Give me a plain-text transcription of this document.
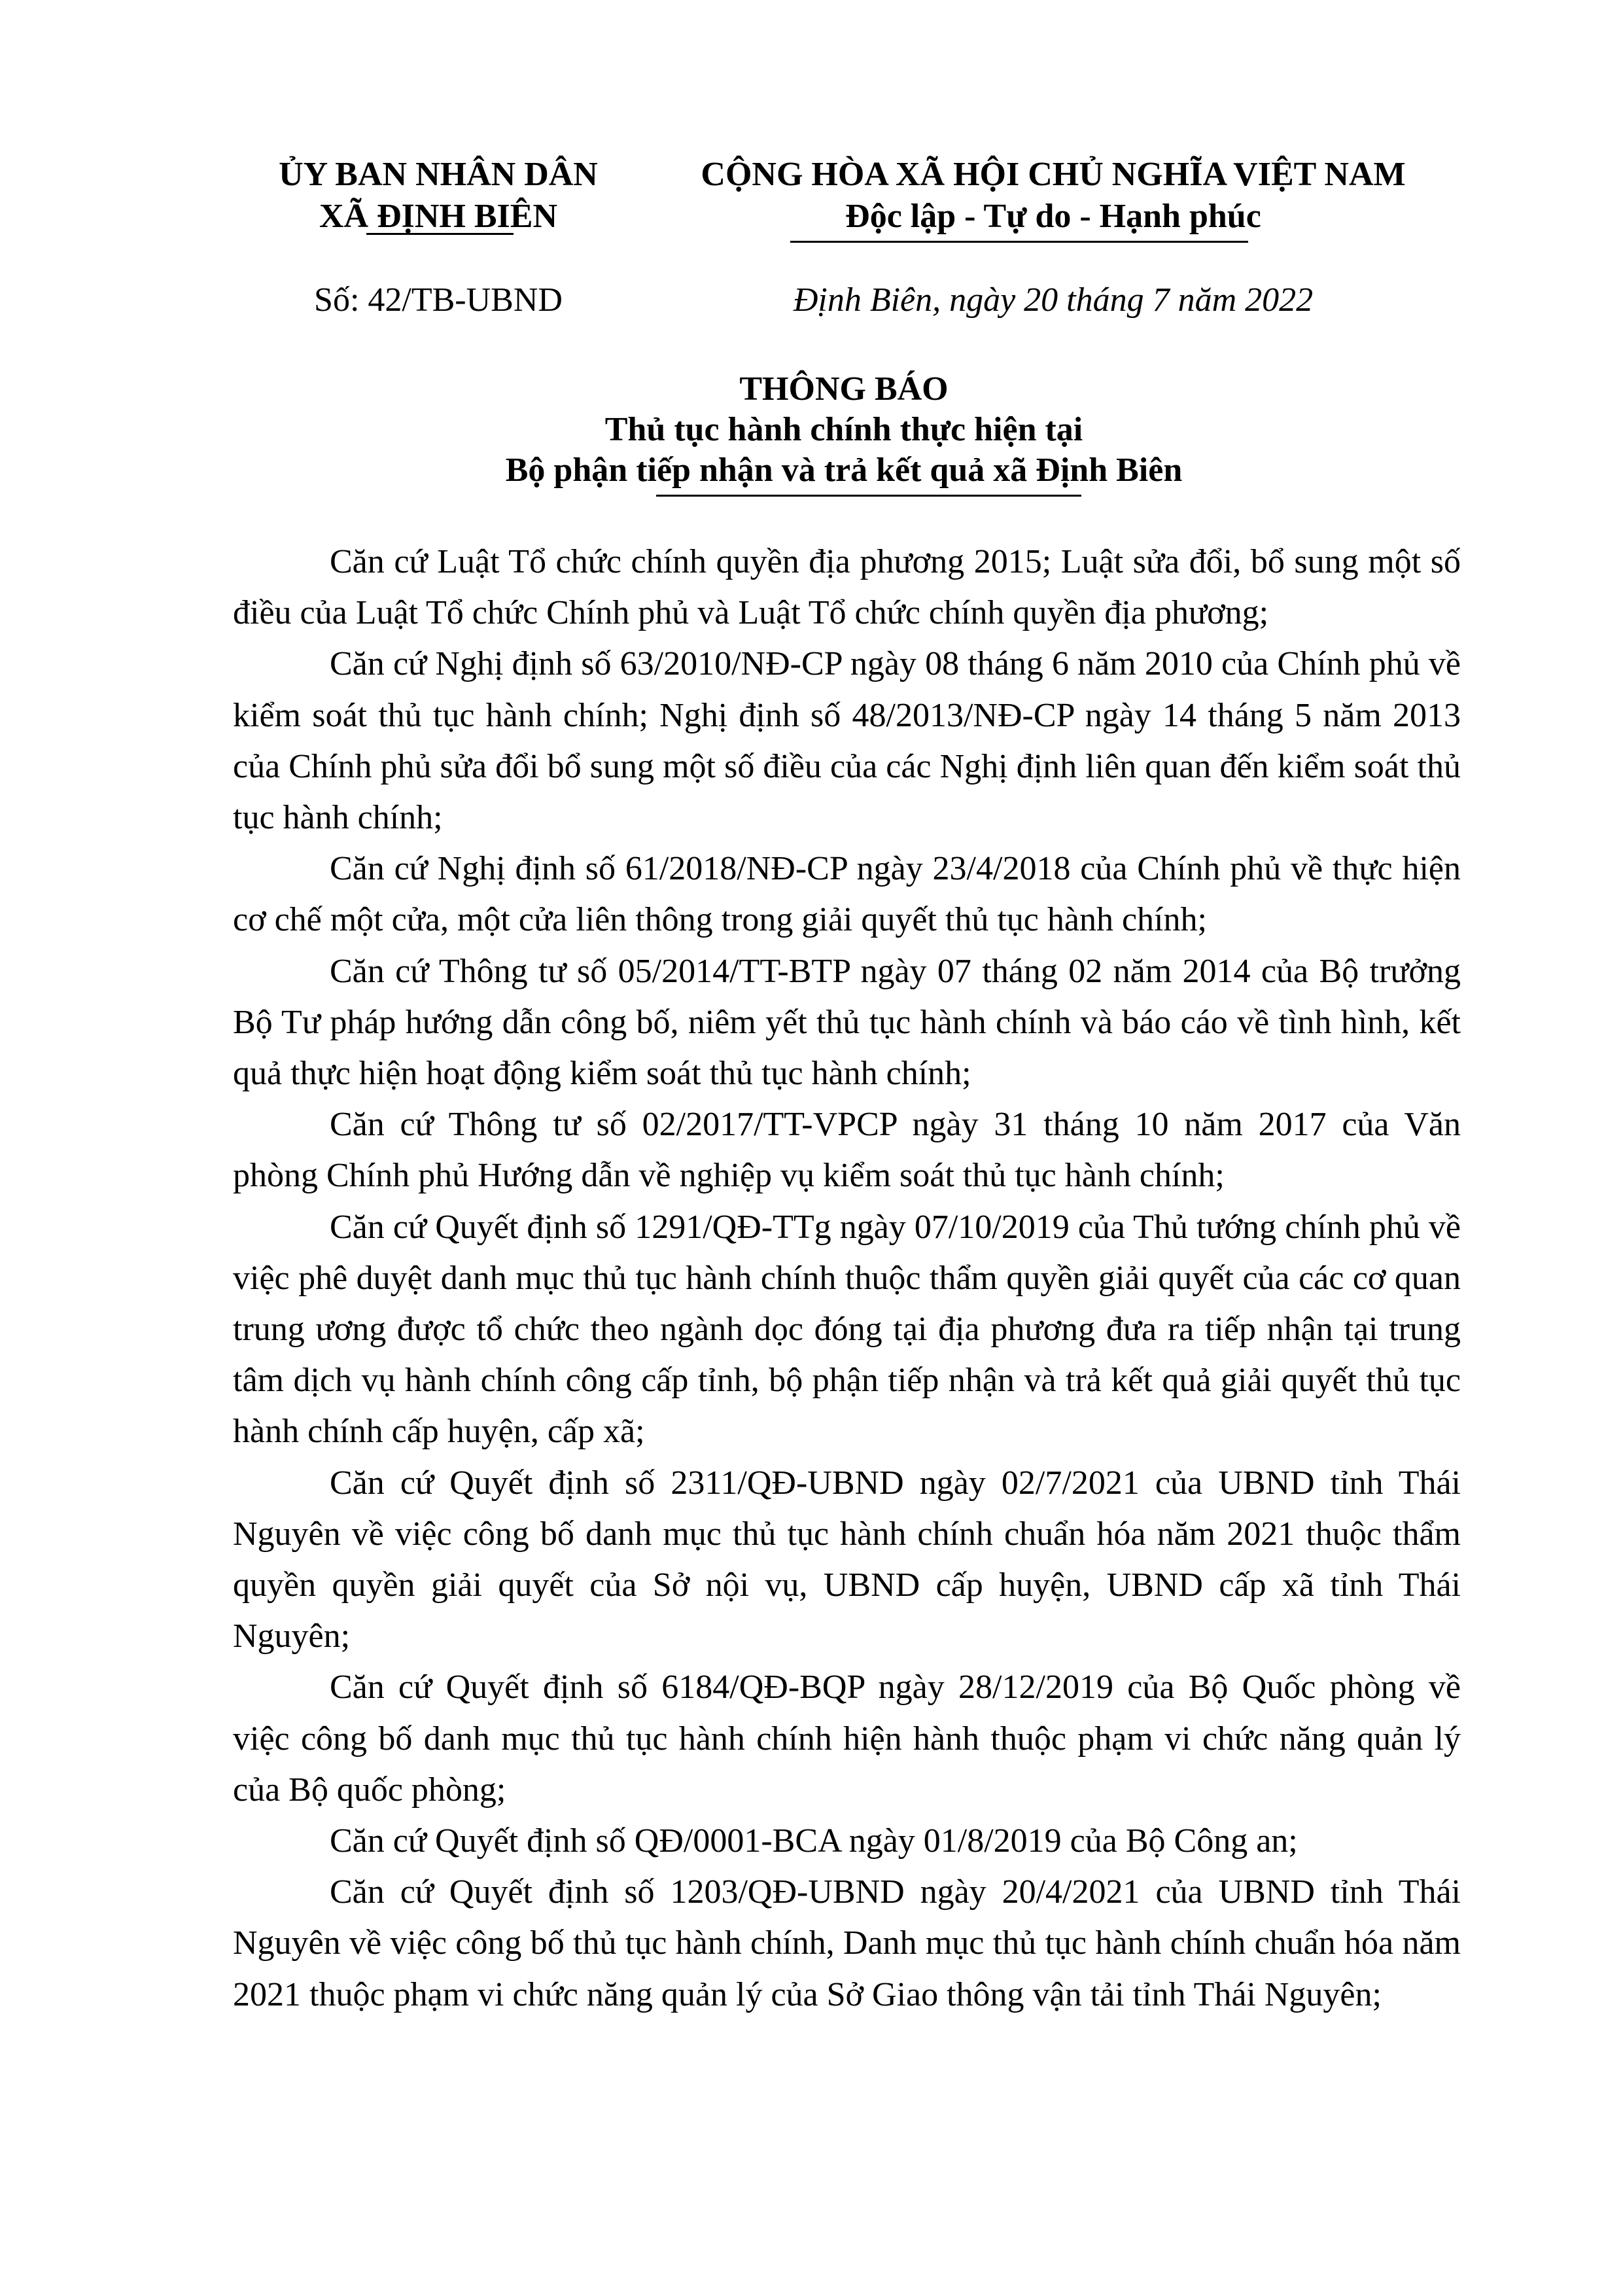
ỦY BAN NHÂN DÂN
XÃ ĐỊNH BIÊN
Số: 42/TB-UBND
CỘNG HÒA XÃ HỘI CHỦ NGHĨA VIỆT NAM
Độc lập - Tự do - Hạnh phúc
Định Biên, ngày 20 tháng 7 năm 2022
THÔNG BÁO
Thủ tục hành chính thực hiện tại
Bộ phận tiếp nhận và trả kết quả xã Định Biên

Căn cứ Luật Tổ chức chính quyền địa phương 2015; Luật sửa đổi, bổ sung một số điều của Luật Tổ chức Chính phủ và Luật Tổ chức chính quyền địa phương;

Căn cứ Nghị định số 63/2010/NĐ-CP ngày 08 tháng 6 năm 2010 của Chính phủ về kiểm soát thủ tục hành chính; Nghị định số 48/2013/NĐ-CP ngày 14 tháng 5 năm 2013 của Chính phủ sửa đổi bổ sung một số điều của các Nghị định liên quan đến kiểm soát thủ tục hành chính;

Căn cứ Nghị định số 61/2018/NĐ-CP ngày 23/4/2018 của Chính phủ về thực hiện cơ chế một cửa, một cửa liên thông trong giải quyết thủ tục hành chính;

Căn cứ Thông tư số 05/2014/TT-BTP ngày 07 tháng 02 năm 2014 của Bộ trưởng Bộ Tư pháp hướng dẫn công bố, niêm yết thủ tục hành chính và báo cáo về tình hình, kết quả thực hiện hoạt động kiểm soát thủ tục hành chính;

Căn cứ Thông tư số 02/2017/TT-VPCP ngày 31 tháng 10 năm 2017 của Văn phòng Chính phủ Hướng dẫn về nghiệp vụ kiểm soát thủ tục hành chính;

Căn cứ Quyết định số 1291/QĐ-TTg ngày 07/10/2019 của Thủ tướng chính phủ về việc phê duyệt danh mục thủ tục hành chính thuộc thẩm quyền giải quyết của các cơ quan trung ương được tổ chức theo ngành dọc đóng tại địa phương đưa ra tiếp nhận tại trung tâm dịch vụ hành chính công cấp tỉnh, bộ phận tiếp nhận và trả kết quả giải quyết thủ tục hành chính cấp huyện, cấp xã;

Căn cứ Quyết định số 2311/QĐ-UBND ngày 02/7/2021 của UBND tỉnh Thái Nguyên về việc công bố danh mục thủ tục hành chính chuẩn hóa năm 2021 thuộc thẩm quyền quyền giải quyết của Sở nội vụ, UBND cấp huyện, UBND cấp xã tỉnh Thái Nguyên;

Căn cứ Quyết định số 6184/QĐ-BQP ngày 28/12/2019 của Bộ Quốc phòng về việc công bố danh mục thủ tục hành chính hiện hành thuộc phạm vi chức năng quản lý của Bộ quốc phòng;

Căn cứ Quyết định số QĐ/0001-BCA ngày 01/8/2019 của Bộ Công an;

Căn cứ Quyết định số 1203/QĐ-UBND ngày 20/4/2021 của UBND tỉnh Thái Nguyên về việc công bố thủ tục hành chính, Danh mục thủ tục hành chính chuẩn hóa năm 2021 thuộc phạm vi chức năng quản lý của Sở Giao thông vận tải tỉnh Thái Nguyên;
